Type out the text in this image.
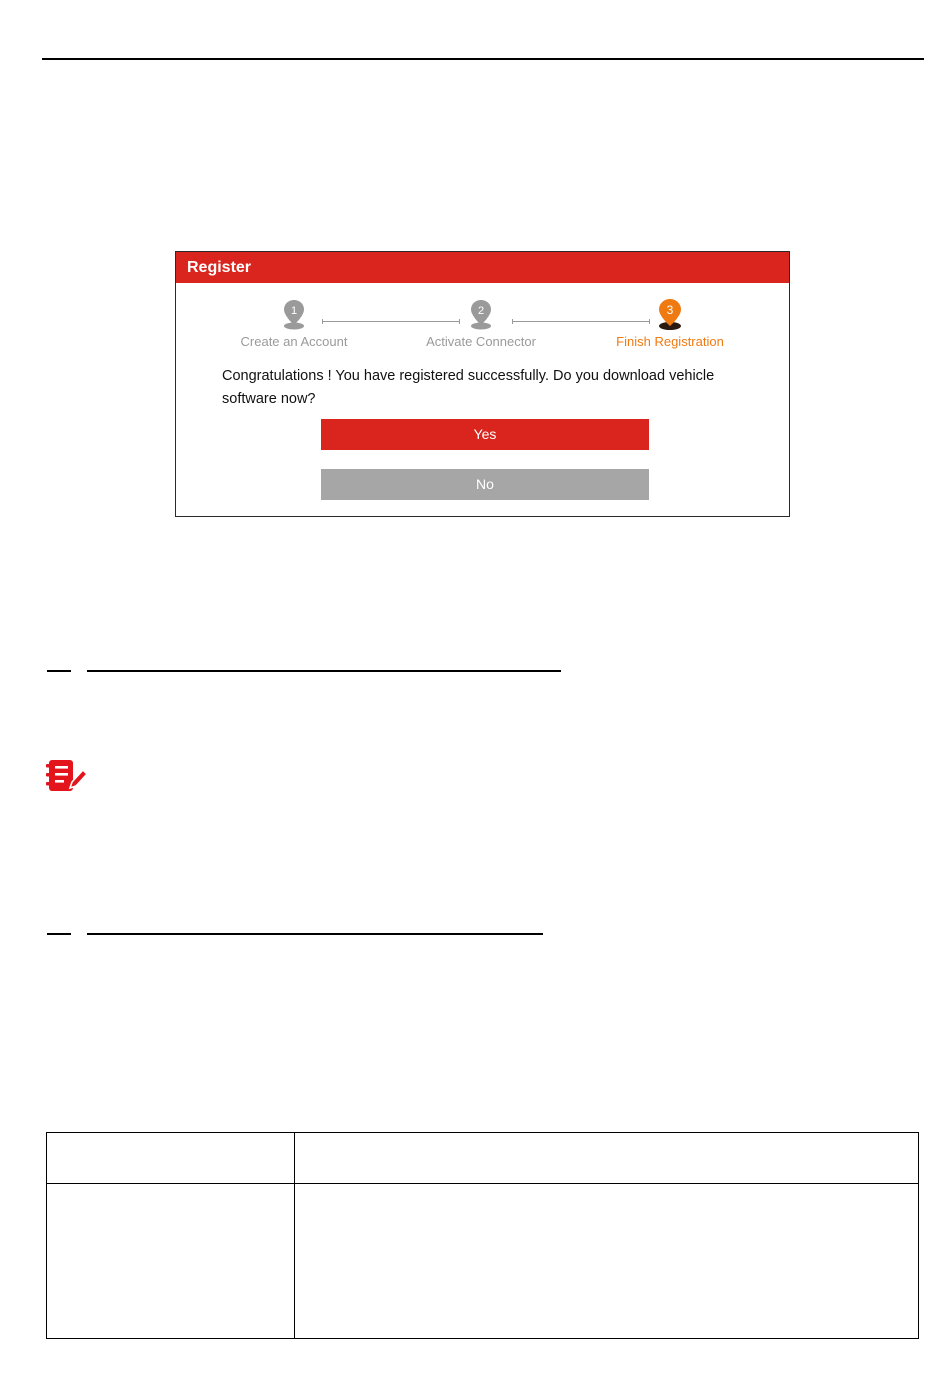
Register
1
Create an Account
2
Activate Connector
3
Finish Registration
Congratulations ! You have registered successfully. Do you download vehicle software now?
Yes
No
